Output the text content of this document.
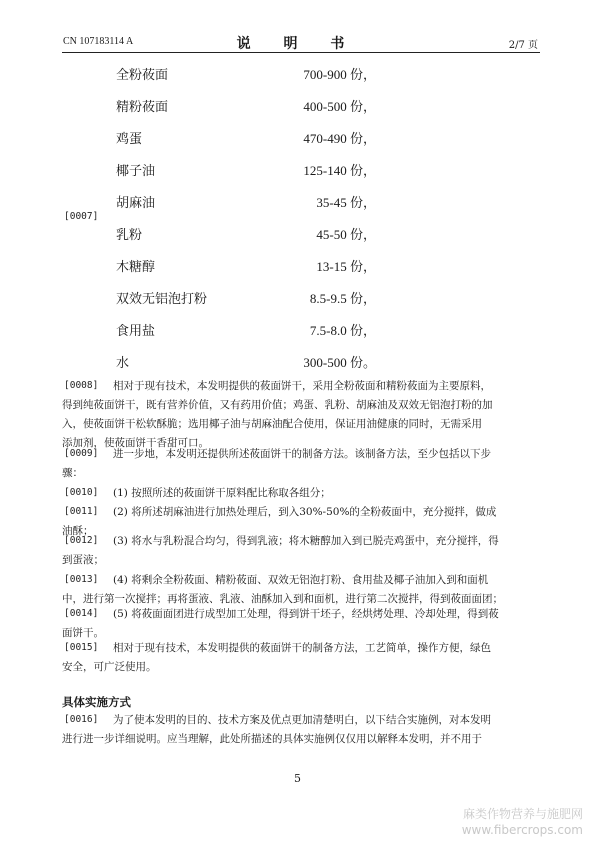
CN 107183114 A	说 明 书	2/7 页
全粉莜面	700-900 份，
精粉莜面	400-500 份，
鸡蛋	470-490 份，
椰子油	125-140 份，
胡麻油	35-45 份，
乳粉	45-50 份，
木糖醇	13-15 份，
双效无铝泡打粉	8.5-9.5 份，
食用盐	7.5-8.0 份，
水	300-500 份。
[0007]
[0008] 相对于现有技术，本发明提供的莜面饼干，采用全粉莜面和精粉莜面为主要原料，
得到纯莜面饼干，既有营养价值，又有药用价值；鸡蛋、乳粉、胡麻油及双效无铝泡打粉的加
入，使莜面饼干松软酥脆；选用椰子油与胡麻油配合使用，保证用油健康的同时，无需采用
添加剂，使莜面饼干香甜可口。
[0009] 进一步地，本发明还提供所述莜面饼干的制备方法。该制备方法，至少包括以下步
骤：
[0010] (1) 按照所述的莜面饼干原料配比称取各组分；
[0011] (2) 将所述胡麻油进行加热处理后，到入30%-50%的全粉莜面中，充分搅拌，做成
油酥；
[0012] (3) 将水与乳粉混合均匀，得到乳液；将木糖醇加入到已脱壳鸡蛋中，充分搅拌，得
到蛋液；
[0013] (4) 将剩余全粉莜面、精粉莜面、双效无铝泡打粉、食用盐及椰子油加入到和面机
中，进行第一次搅拌；再将蛋液、乳液、油酥加入到和面机，进行第二次搅拌，得到莜面面团；
[0014] (5) 将莜面面团进行成型加工处理，得到饼干坯子，经烘烤处理、冷却处理，得到莜
面饼干。
[0015] 相对于现有技术，本发明提供的莜面饼干的制备方法，工艺简单，操作方便，绿色
安全，可广泛使用。
具体实施方式
[0016] 为了使本发明的目的、技术方案及优点更加清楚明白，以下结合实施例，对本发明
进行进一步详细说明。应当理解，此处所描述的具体实施例仅仅用以解释本发明，并不用于
5
麻类作物营养与施肥网
www.fibercrops.com
